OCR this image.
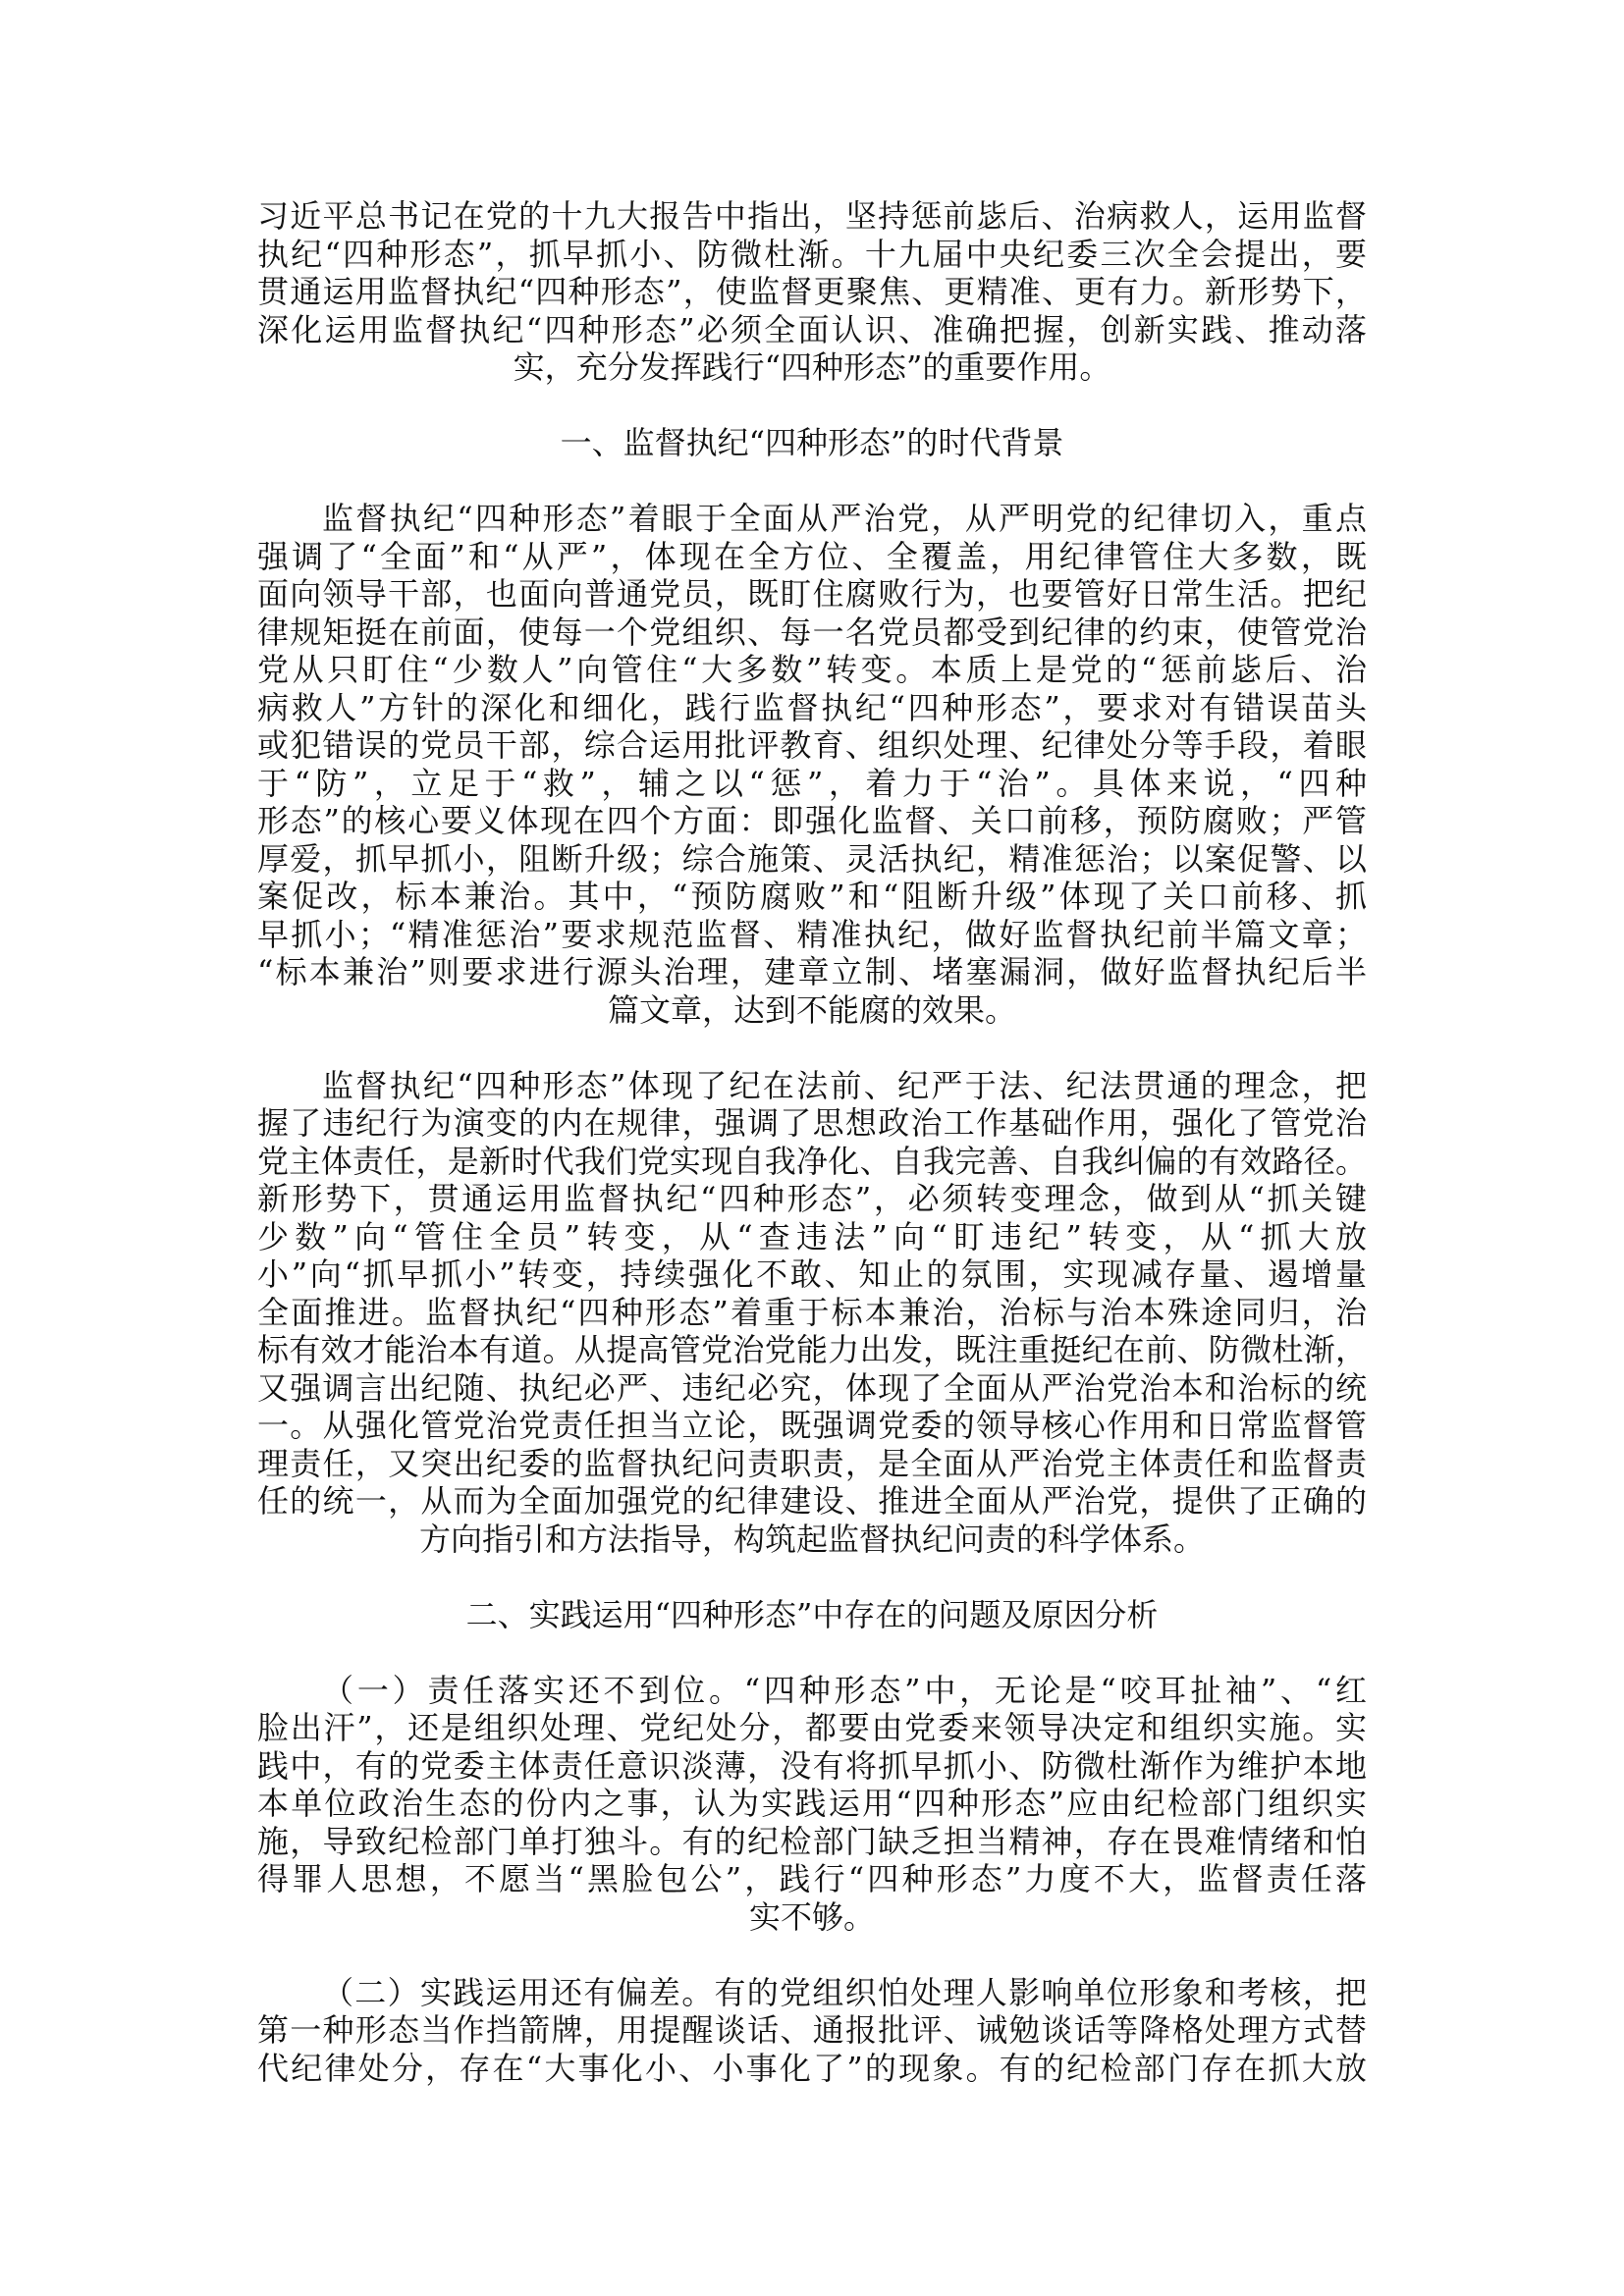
习近平总书记在党的十九大报告中指出，坚持惩前毖后、治病救人，运用监督
执纪“四种形态”，抓早抓小、防微杜渐。十九届中央纪委三次全会提出，要
贯通运用监督执纪“四种形态”，使监督更聚焦、更精准、更有力。新形势下，
深化运用监督执纪“四种形态”必须全面认识、准确把握，创新实践、推动落
实，充分发挥践行“四种形态”的重要作用。
一、监督执纪“四种形态”的时代背景
监督执纪“四种形态”着眼于全面从严治党，从严明党的纪律切入，重点
强调了“全面”和“从严”，体现在全方位、全覆盖，用纪律管住大多数，既
面向领导干部，也面向普通党员，既盯住腐败行为，也要管好日常生活。把纪
律规矩挺在前面，使每一个党组织、每一名党员都受到纪律的约束，使管党治
党从只盯住“少数人”向管住“大多数”转变。本质上是党的“惩前毖后、治
病救人”方针的深化和细化，践行监督执纪“四种形态”，要求对有错误苗头
或犯错误的党员干部，综合运用批评教育、组织处理、纪律处分等手段，着眼
于“防”，立足于“救”，辅之以“惩”，着力于“治”。具体来说，“四种
形态”的核心要义体现在四个方面：即强化监督、关口前移，预防腐败；严管
厚爱，抓早抓小，阻断升级；综合施策、灵活执纪，精准惩治；以案促警、以
案促改，标本兼治。其中，“预防腐败”和“阻断升级”体现了关口前移、抓
早抓小；“精准惩治”要求规范监督、精准执纪，做好监督执纪前半篇文章；
“标本兼治”则要求进行源头治理，建章立制、堵塞漏洞，做好监督执纪后半
篇文章，达到不能腐的效果。
监督执纪“四种形态”体现了纪在法前、纪严于法、纪法贯通的理念，把
握了违纪行为演变的内在规律，强调了思想政治工作基础作用，强化了管党治
党主体责任，是新时代我们党实现自我净化、自我完善、自我纠偏的有效路径。
新形势下，贯通运用监督执纪“四种形态”，必须转变理念，做到从“抓关键
少数”向“管住全员”转变，从“查违法”向“盯违纪”转变，从“抓大放
小”向“抓早抓小”转变，持续强化不敢、知止的氛围，实现减存量、遏增量
全面推进。监督执纪“四种形态”着重于标本兼治，治标与治本殊途同归，治
标有效才能治本有道。从提高管党治党能力出发，既注重挺纪在前、防微杜渐，
又强调言出纪随、执纪必严、违纪必究，体现了全面从严治党治本和治标的统
一。从强化管党治党责任担当立论，既强调党委的领导核心作用和日常监督管
理责任，又突出纪委的监督执纪问责职责，是全面从严治党主体责任和监督责
任的统一，从而为全面加强党的纪律建设、推进全面从严治党，提供了正确的
方向指引和方法指导，构筑起监督执纪问责的科学体系。
二、实践运用“四种形态”中存在的问题及原因分析
（一）责任落实还不到位。“四种形态”中，无论是“咬耳扯袖”、“红
脸出汗”，还是组织处理、党纪处分，都要由党委来领导决定和组织实施。实
践中，有的党委主体责任意识淡薄，没有将抓早抓小、防微杜渐作为维护本地
本单位政治生态的份内之事，认为实践运用“四种形态”应由纪检部门组织实
施，导致纪检部门单打独斗。有的纪检部门缺乏担当精神，存在畏难情绪和怕
得罪人思想，不愿当“黑脸包公”，践行“四种形态”力度不大，监督责任落
实不够。
（二）实践运用还有偏差。有的党组织怕处理人影响单位形象和考核，把
第一种形态当作挡箭牌，用提醒谈话、通报批评、诫勉谈话等降格处理方式替
代纪律处分，存在“大事化小、小事化了”的现象。有的纪检部门存在抓大放
